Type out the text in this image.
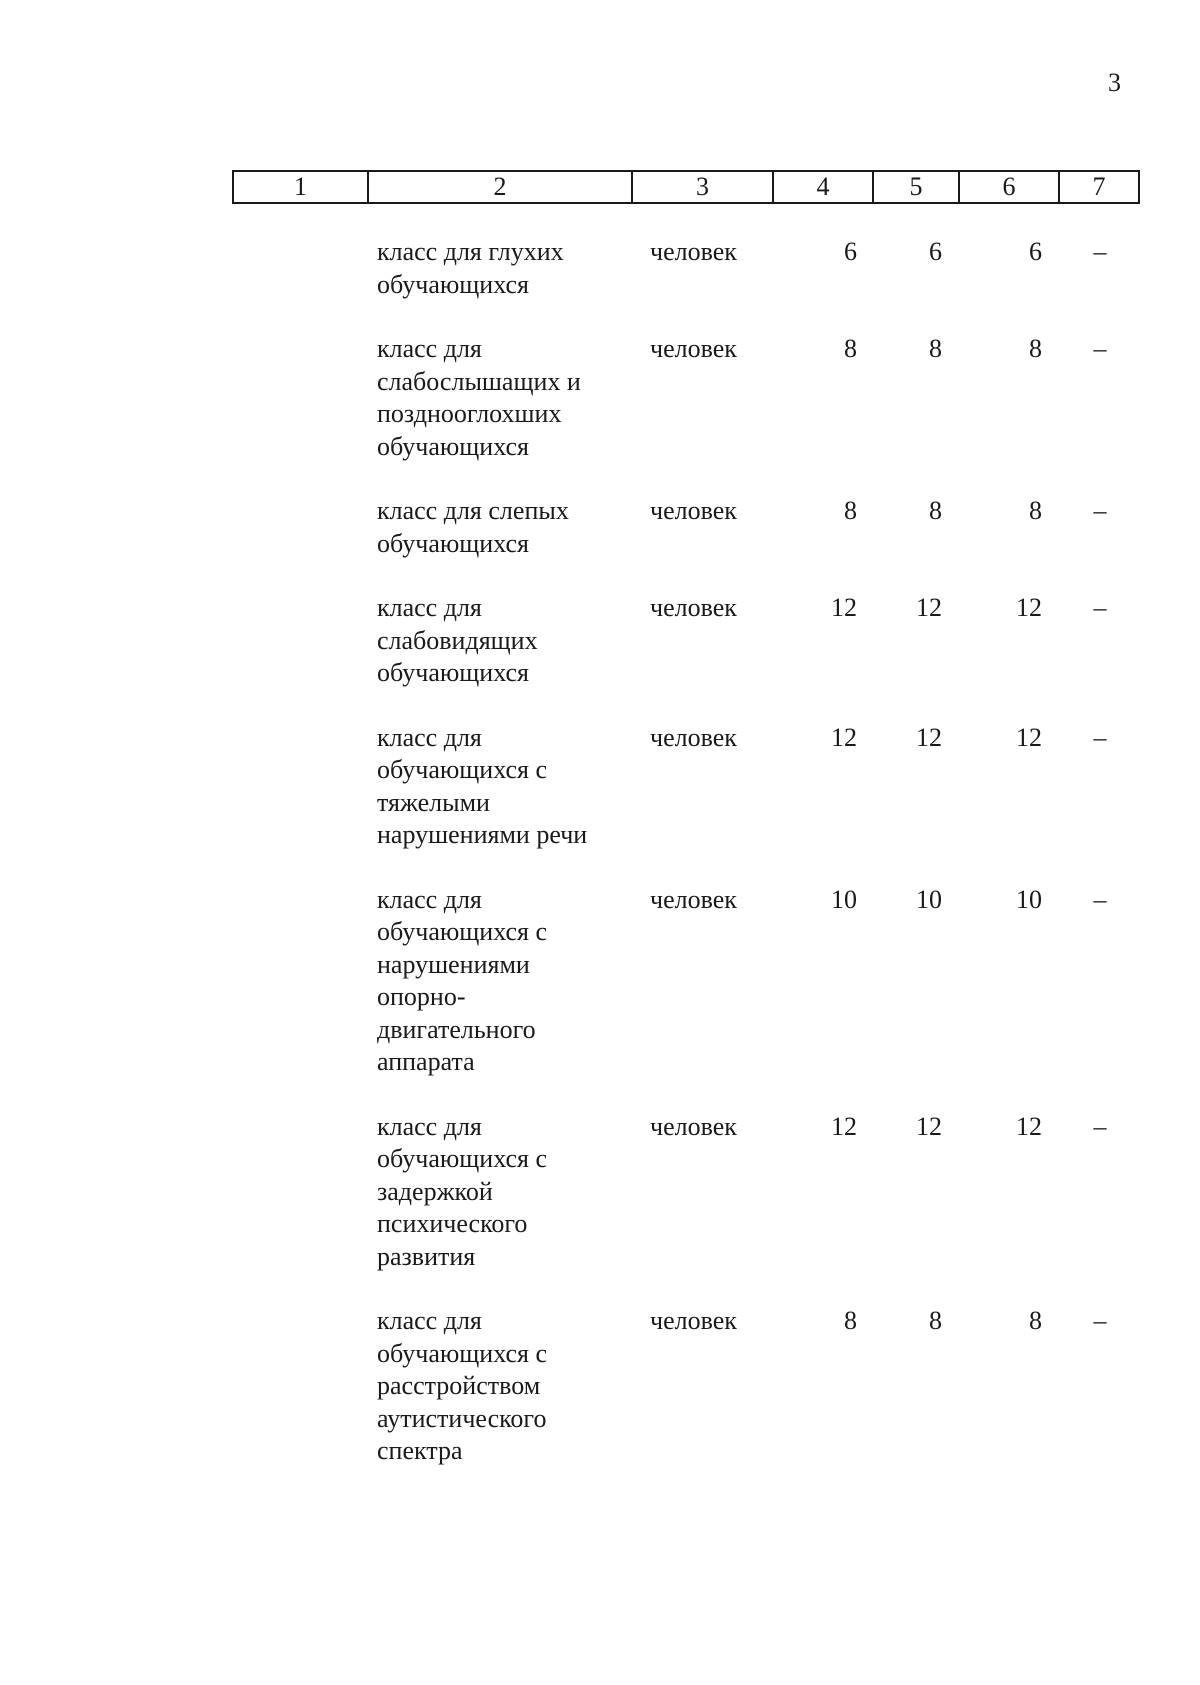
3
1	2	3	4	5	6	7
класс для глухих
обучающихся
человек	6	6	6	–
класс для
слабослышащих и
позднооглохших
обучающихся
человек	8	8	8	–
класс для слепых
обучающихся
человек	8	8	8	–
класс для
слабовидящих
обучающихся
человек	12	12	12	–
класс для
обучающихся с
тяжелыми
нарушениями речи
человек	12	12	12	–
класс для
обучающихся с
нарушениями
опорно-
двигательного
аппарата
человек	10	10	10	–
класс для
обучающихся с
задержкой
психического
развития
человек	12	12	12	–
класс для
обучающихся с
расстройством
аутистического
спектра
человек	8	8	8	–
